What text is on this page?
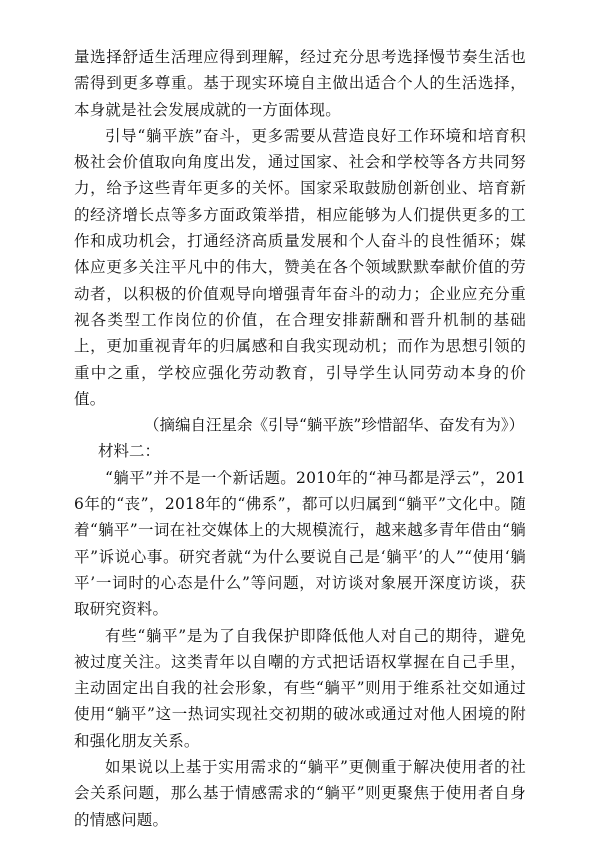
量选择舒适生活理应得到理解，经过充分思考选择慢节奏生活也需得到更多尊重。基于现实环境自主做出适合个人的生活选择，本身就是社会发展成就的一方面体现。

引导“躺平族”奋斗，更多需要从营造良好工作环境和培育积极社会价值取向角度出发，通过国家、社会和学校等各方共同努力，给予这些青年更多的关怀。国家采取鼓励创新创业、培育新的经济增长点等多方面政策举措，相应能够为人们提供更多的工作和成功机会，打通经济高质量发展和个人奋斗的良性循环；媒体应更多关注平凡中的伟大，赞美在各个领域默默奉献价值的劳动者，以积极的价值观导向增强青年奋斗的动力；企业应充分重视各类型工作岗位的价值，在合理安排薪酬和晋升机制的基础上，更加重视青年的归属感和自我实现动机；而作为思想引领的重中之重，学校应强化劳动教育，引导学生认同劳动本身的价值。

（摘编自汪星余《引导“躺平族”珍惜韶华、奋发有为》）

材料二：

“躺平”并不是一个新话题。2010年的“神马都是浮云”，2016年的“丧”，2018年的“佛系”，都可以归属到“躺平”文化中。随着“躺平”一词在社交媒体上的大规模流行，越来越多青年借由“躺平”诉说心事。研究者就“为什么要说自己是‘躺平’的人”“使用‘躺平’一词时的心态是什么”等问题，对访谈对象展开深度访谈，获取研究资料。

有些“躺平”是为了自我保护即降低他人对自己的期待，避免被过度关注。这类青年以自嘲的方式把话语权掌握在自己手里，主动固定出自我的社会形象，有些“躺平”则用于维系社交如通过使用“躺平”这一热词实现社交初期的破冰或通过对他人困境的附和强化朋友关系。

如果说以上基于实用需求的“躺平”更侧重于解决使用者的社会关系问题，那么基于情感需求的“躺平”则更聚焦于使用者自身的情感问题。
